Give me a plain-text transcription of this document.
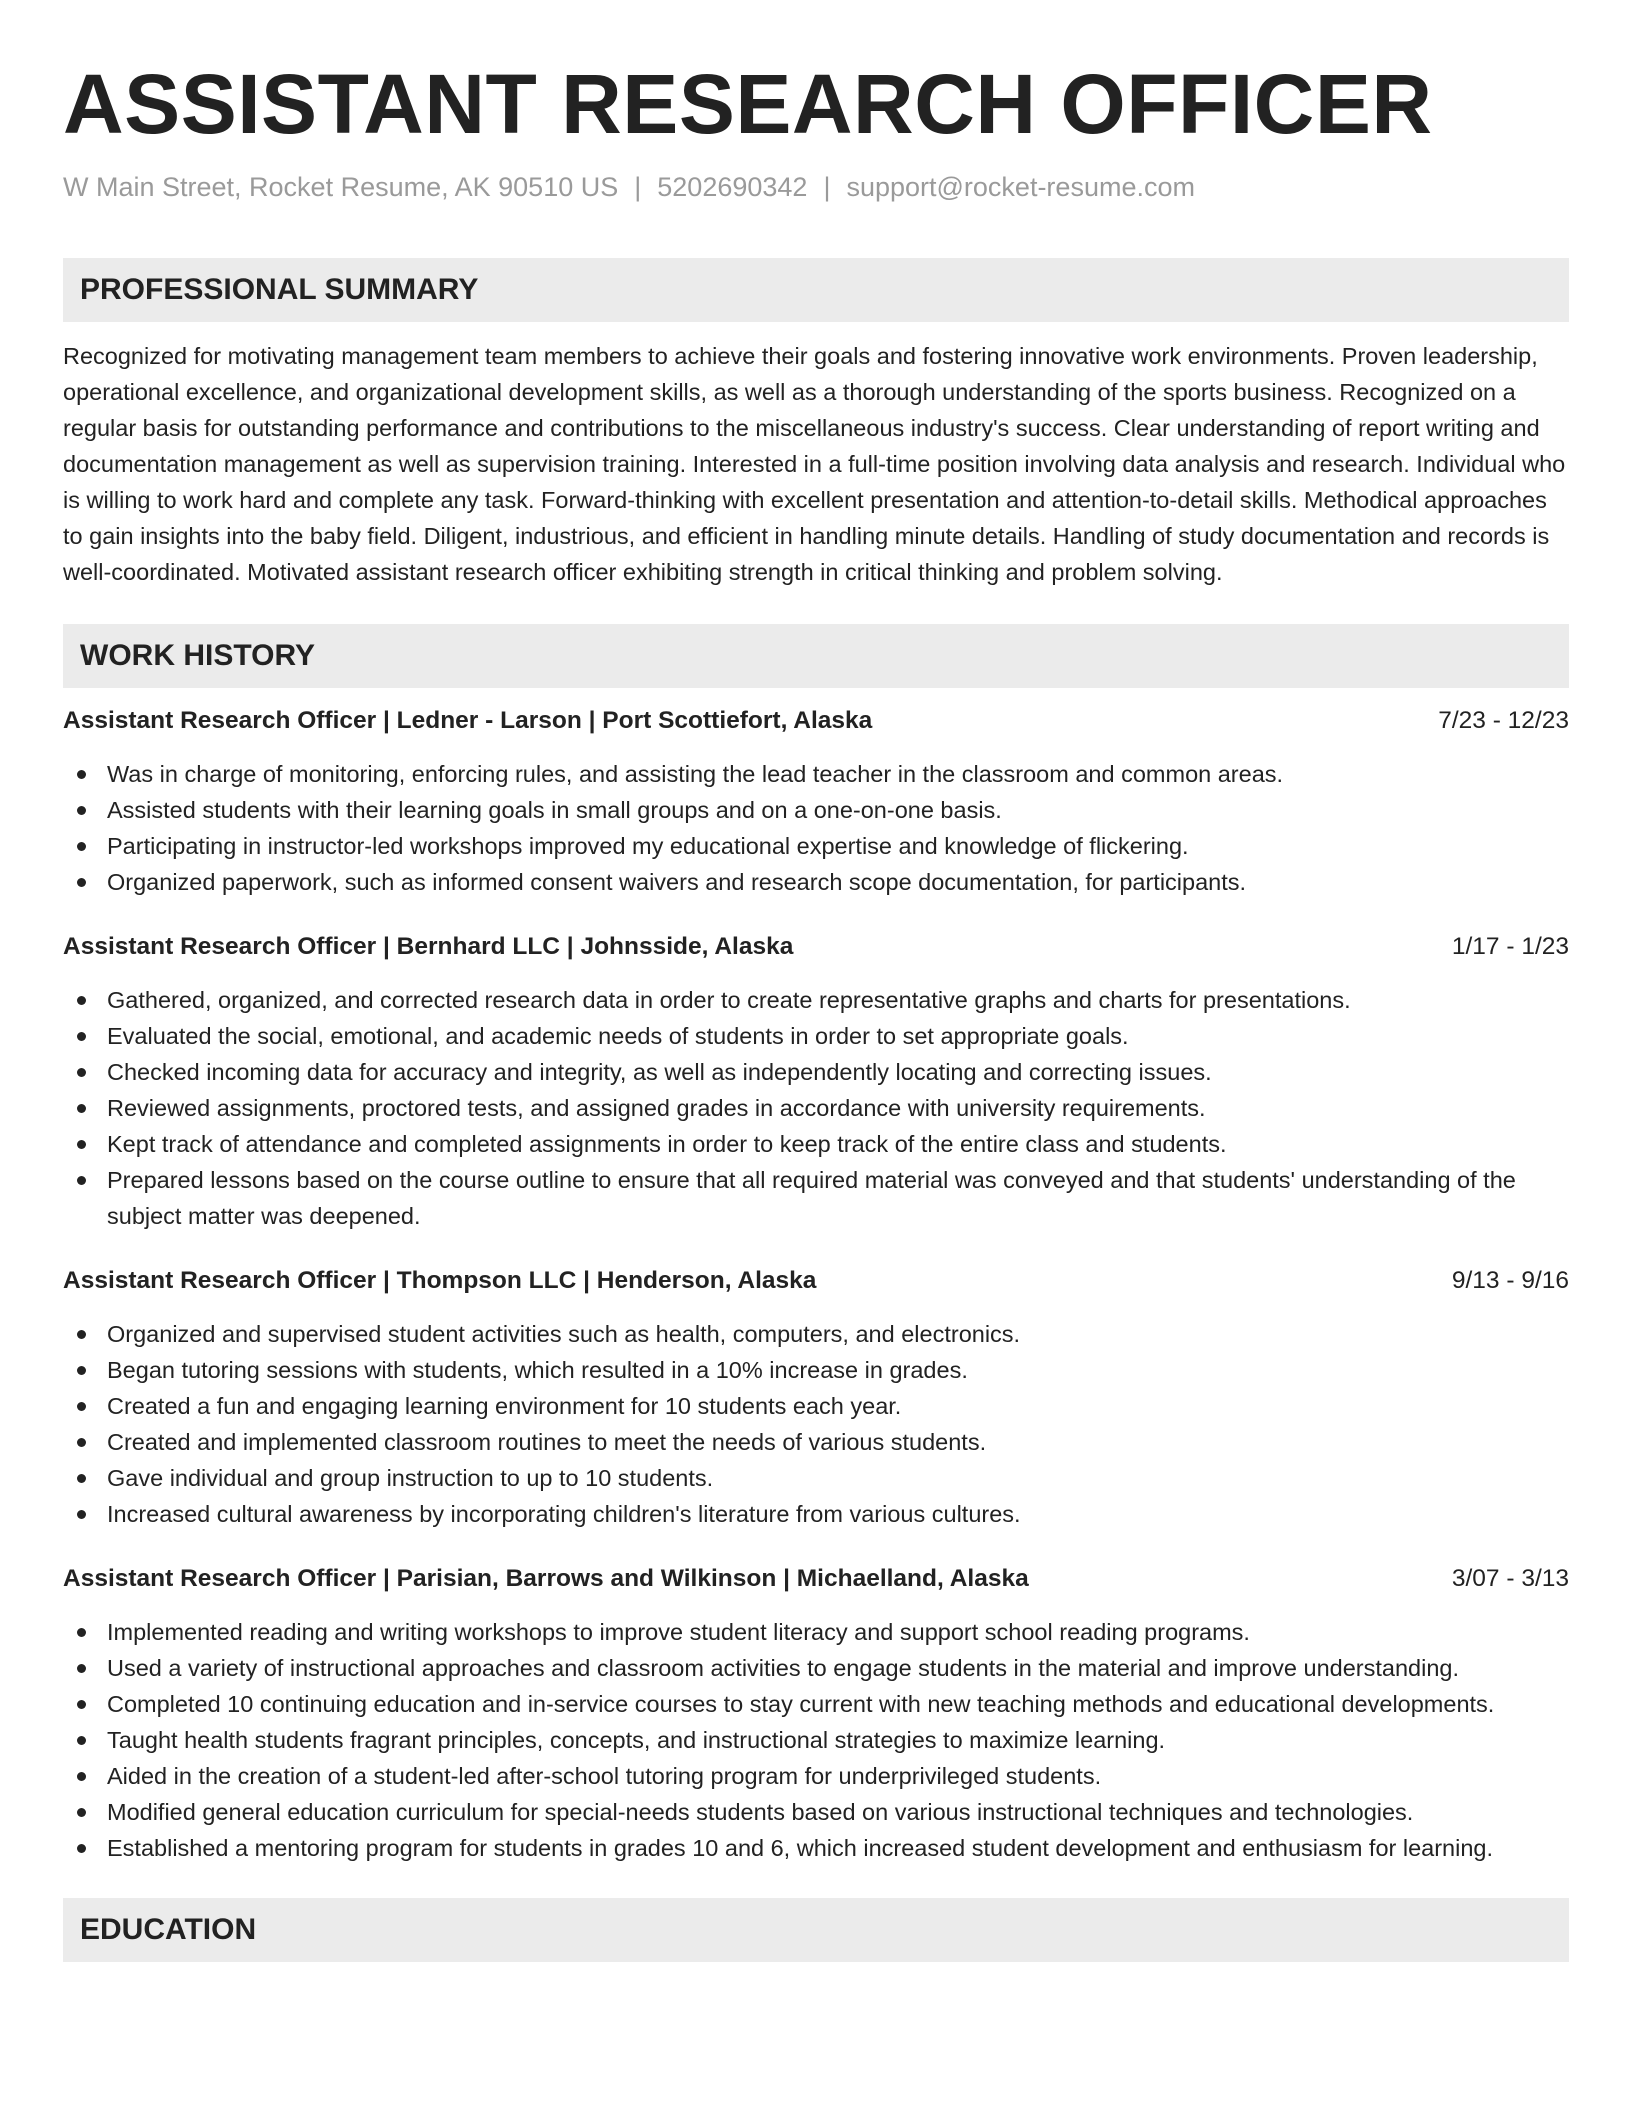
ASSISTANT RESEARCH OFFICER
W Main Street, Rocket Resume, AK 90510 US | 5202690342 | support@rocket-resume.com
PROFESSIONAL SUMMARY
Recognized for motivating management team members to achieve their goals and fostering innovative work environments. Proven leadership, operational excellence, and organizational development skills, as well as a thorough understanding of the sports business. Recognized on a regular basis for outstanding performance and contributions to the miscellaneous industry's success. Clear understanding of report writing and documentation management as well as supervision training. Interested in a full-time position involving data analysis and research. Individual who is willing to work hard and complete any task. Forward-thinking with excellent presentation and attention-to-detail skills. Methodical approaches to gain insights into the baby field. Diligent, industrious, and efficient in handling minute details. Handling of study documentation and records is well-coordinated. Motivated assistant research officer exhibiting strength in critical thinking and problem solving.
WORK HISTORY
Assistant Research Officer | Ledner - Larson | Port Scottiefort, Alaska	7/23 - 12/23
Was in charge of monitoring, enforcing rules, and assisting the lead teacher in the classroom and common areas.
Assisted students with their learning goals in small groups and on a one-on-one basis.
Participating in instructor-led workshops improved my educational expertise and knowledge of flickering.
Organized paperwork, such as informed consent waivers and research scope documentation, for participants.
Assistant Research Officer | Bernhard LLC | Johnsside, Alaska	1/17 - 1/23
Gathered, organized, and corrected research data in order to create representative graphs and charts for presentations.
Evaluated the social, emotional, and academic needs of students in order to set appropriate goals.
Checked incoming data for accuracy and integrity, as well as independently locating and correcting issues.
Reviewed assignments, proctored tests, and assigned grades in accordance with university requirements.
Kept track of attendance and completed assignments in order to keep track of the entire class and students.
Prepared lessons based on the course outline to ensure that all required material was conveyed and that students' understanding of the subject matter was deepened.
Assistant Research Officer | Thompson LLC | Henderson, Alaska	9/13 - 9/16
Organized and supervised student activities such as health, computers, and electronics.
Began tutoring sessions with students, which resulted in a 10% increase in grades.
Created a fun and engaging learning environment for 10 students each year.
Created and implemented classroom routines to meet the needs of various students.
Gave individual and group instruction to up to 10 students.
Increased cultural awareness by incorporating children's literature from various cultures.
Assistant Research Officer | Parisian, Barrows and Wilkinson | Michaelland, Alaska	3/07 - 3/13
Implemented reading and writing workshops to improve student literacy and support school reading programs.
Used a variety of instructional approaches and classroom activities to engage students in the material and improve understanding.
Completed 10 continuing education and in-service courses to stay current with new teaching methods and educational developments.
Taught health students fragrant principles, concepts, and instructional strategies to maximize learning.
Aided in the creation of a student-led after-school tutoring program for underprivileged students.
Modified general education curriculum for special-needs students based on various instructional techniques and technologies.
Established a mentoring program for students in grades 10 and 6, which increased student development and enthusiasm for learning.
EDUCATION
